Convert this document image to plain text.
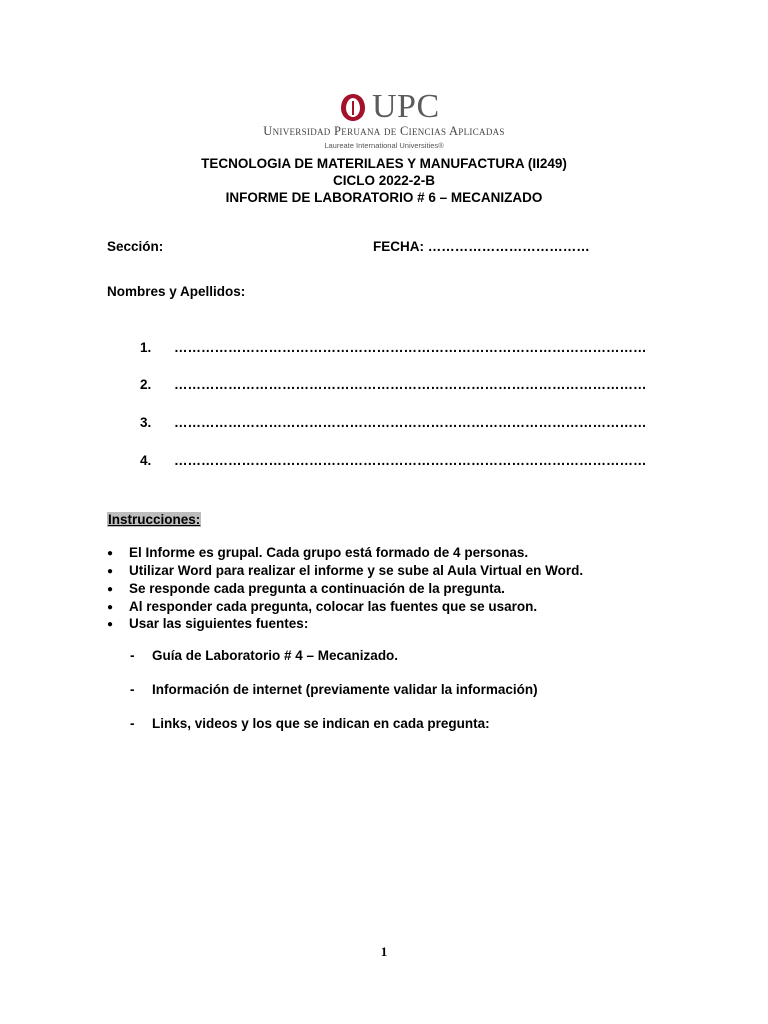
UPC
Universidad Peruana de Ciencias Aplicadas
Laureate International Universities®
TECNOLOGIA DE MATERILAES Y MANUFACTURA (II249)
CICLO 2022-2-B
INFORME DE LABORATORIO # 6 – MECANIZADO
Sección:	FECHA: ………………………………
Nombres y Apellidos:
1. ……………………………………………………………………………………………
2. ……………………………………………………………………………………………
3. ……………………………………………………………………………………………
4. ……………………………………………………………………………………………
Instrucciones:
● El Informe es grupal. Cada grupo está formado de 4 personas.
● Utilizar Word para realizar el informe y se sube al Aula Virtual en Word.
● Se responde cada pregunta a continuación de la pregunta.
● Al responder cada pregunta, colocar las fuentes que se usaron.
● Usar las siguientes fuentes:
- Guía de Laboratorio # 4 – Mecanizado.
- Información de internet (previamente validar la información)
- Links, videos y los que se indican en cada pregunta:
1
